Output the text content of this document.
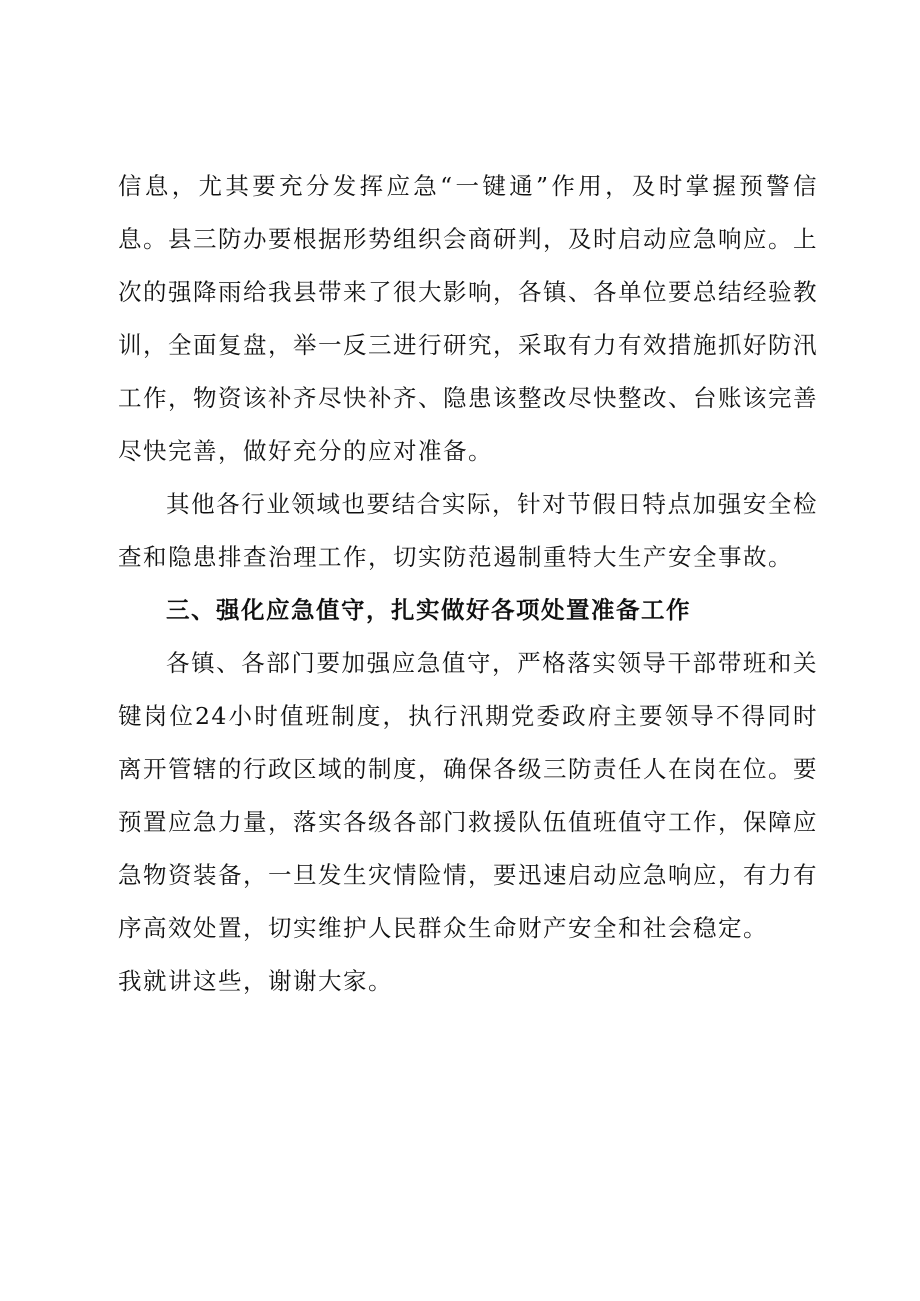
信息，尤其要充分发挥应急“一键通”作用，及时掌握预警信息。县三防办要根据形势组织会商研判，及时启动应急响应。上次的强降雨给我县带来了很大影响，各镇、各单位要总结经验教训，全面复盘，举一反三进行研究，采取有力有效措施抓好防汛工作，物资该补齐尽快补齐、隐患该整改尽快整改、台账该完善尽快完善，做好充分的应对准备。

其他各行业领域也要结合实际，针对节假日特点加强安全检查和隐患排查治理工作，切实防范遏制重特大生产安全事故。

三、强化应急值守，扎实做好各项处置准备工作

各镇、各部门要加强应急值守，严格落实领导干部带班和关键岗位24小时值班制度，执行汛期党委政府主要领导不得同时离开管辖的行政区域的制度，确保各级三防责任人在岗在位。要预置应急力量，落实各级各部门救援队伍值班值守工作，保障应急物资装备，一旦发生灾情险情，要迅速启动应急响应，有力有序高效处置，切实维护人民群众生命财产安全和社会稳定。

我就讲这些，谢谢大家。
